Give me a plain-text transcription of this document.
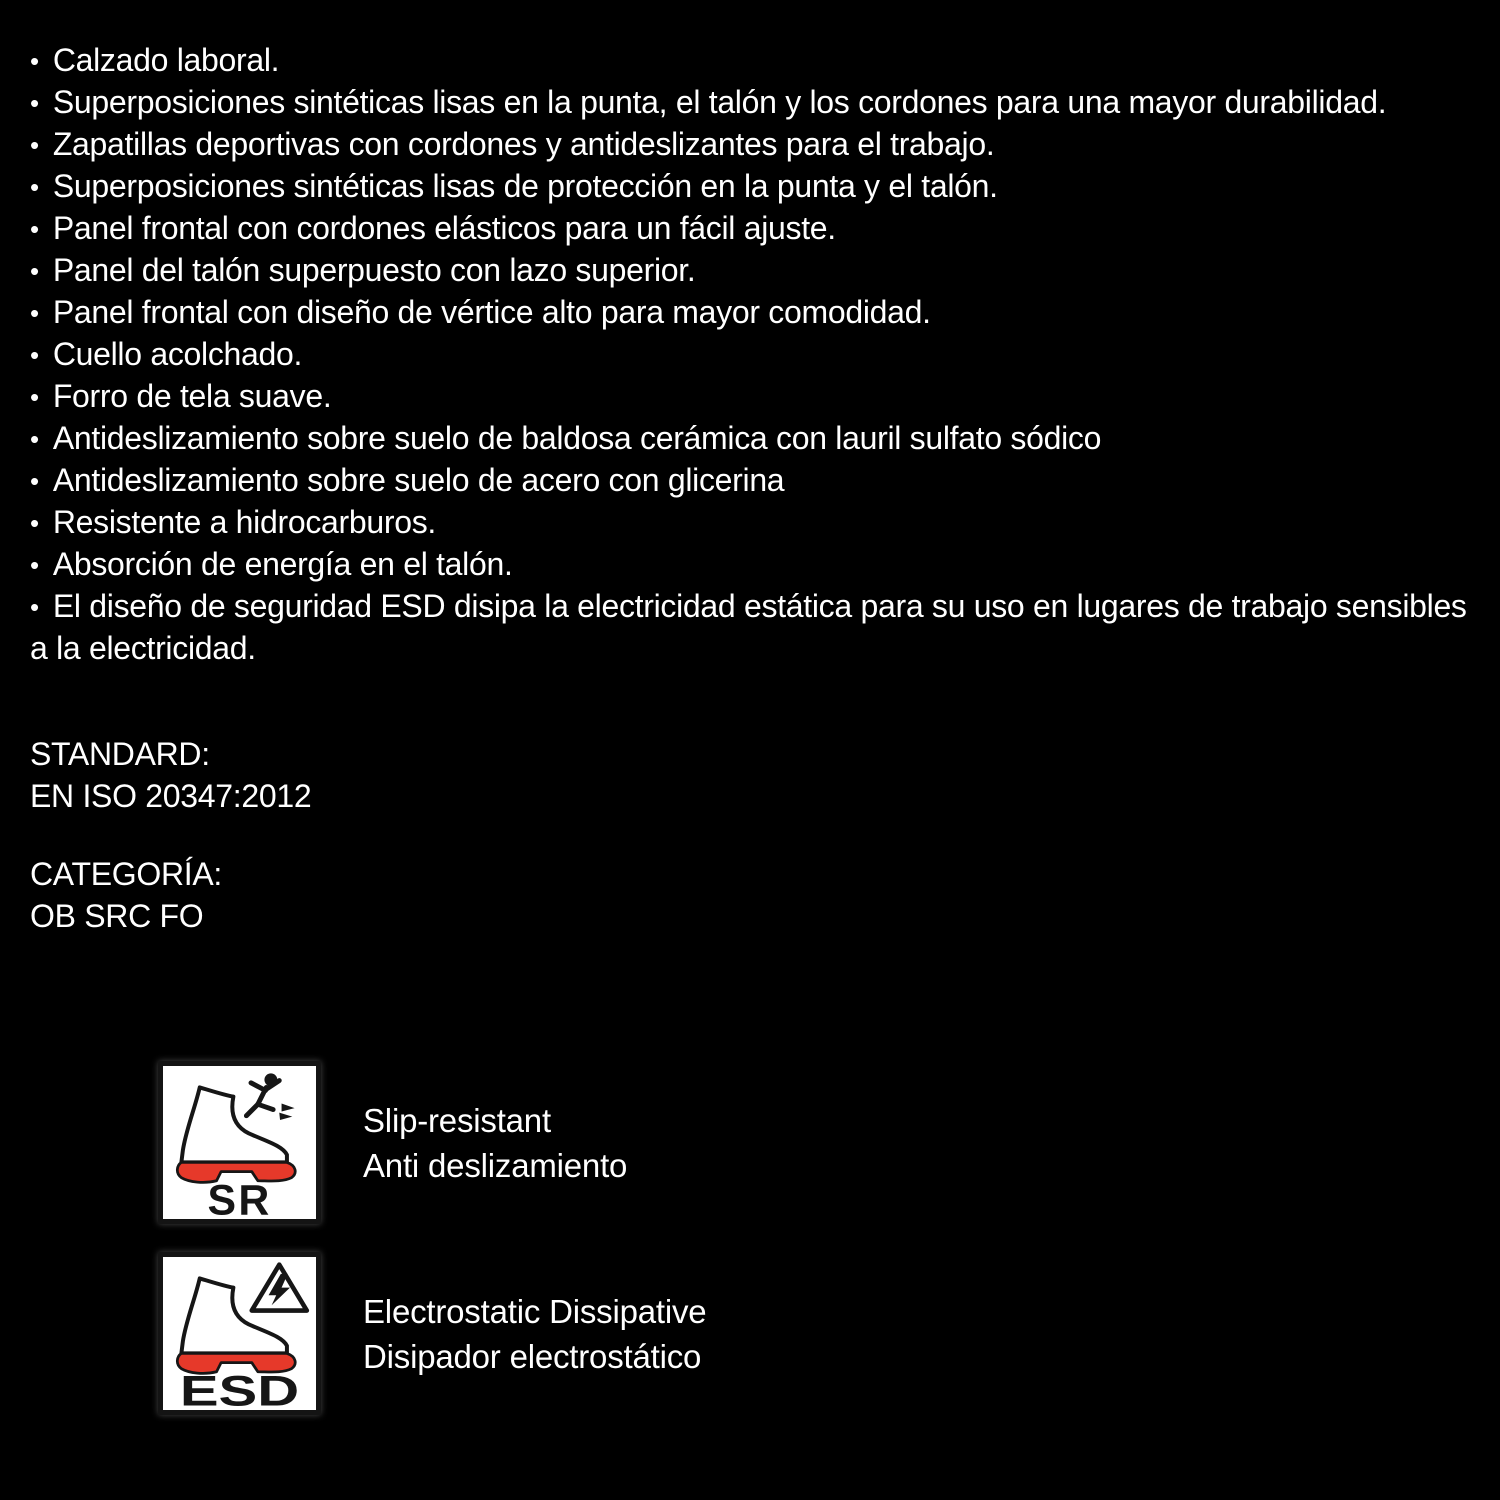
• Calzado laboral.
• Superposiciones sintéticas lisas en la punta, el talón y los cordones para una mayor durabilidad.
• Zapatillas deportivas con cordones y antideslizantes para el trabajo.
• Superposiciones sintéticas lisas de protección en la punta y el talón.
• Panel frontal con cordones elásticos para un fácil ajuste.
• Panel del talón superpuesto con lazo superior.
• Panel frontal con diseño de vértice alto para mayor comodidad.
• Cuello acolchado.
• Forro de tela suave.
• Antideslizamiento sobre suelo de baldosa cerámica con lauril sulfato sódico
• Antideslizamiento sobre suelo de acero con glicerina
• Resistente a hidrocarburos.
• Absorción de energía en el talón.
• El diseño de seguridad ESD disipa la electricidad estática para su uso en lugares de trabajo sensibles a la electricidad.
STANDARD:
EN ISO 20347:2012
CATEGORÍA:
OB SRC FO
SR
Slip-resistant
Anti deslizamiento
ESD
Electrostatic Dissipative
Disipador electrostático
